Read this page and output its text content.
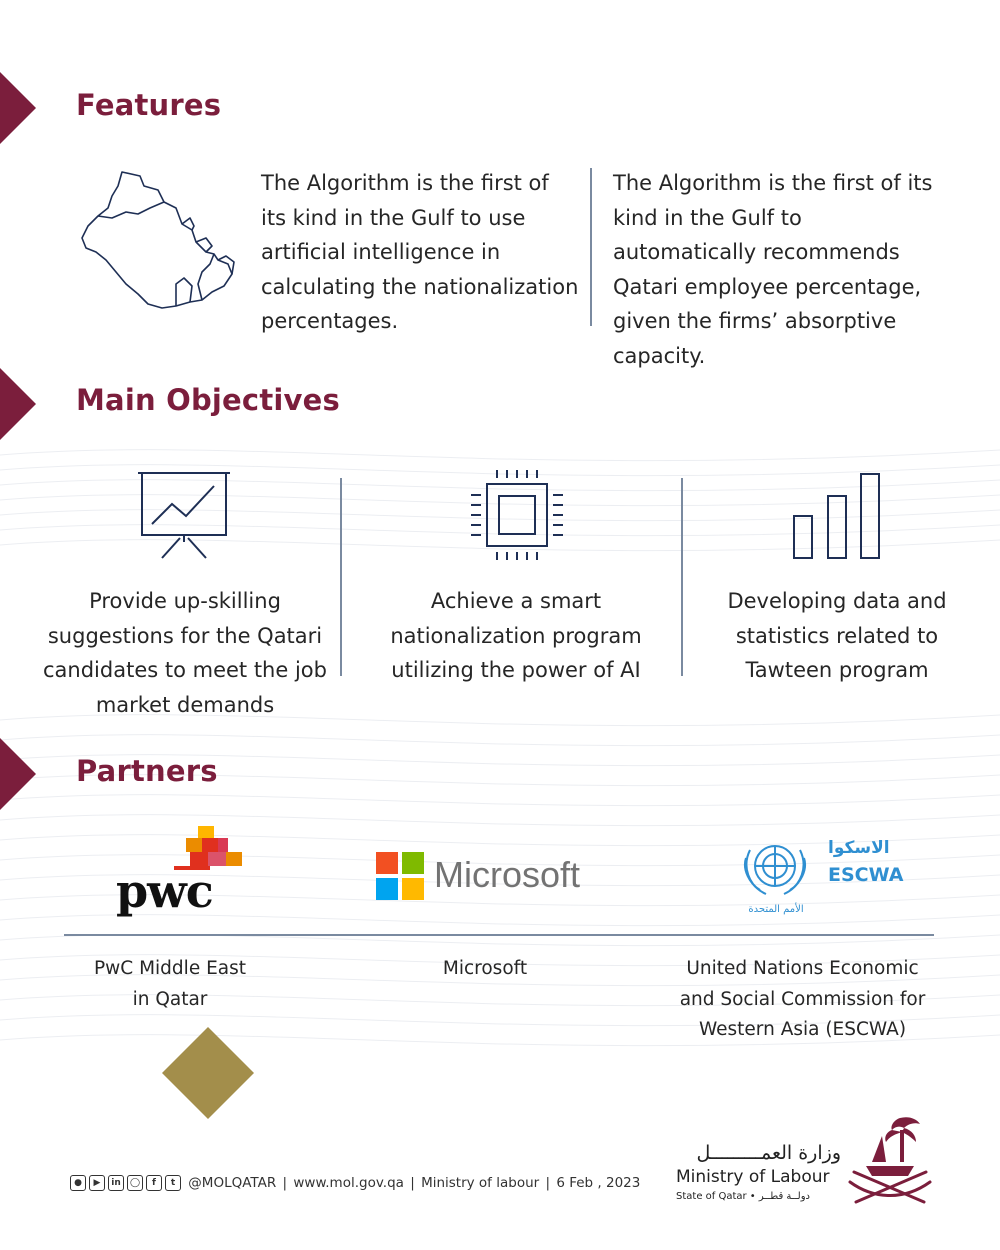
Features
The Algorithm is the first of
its kind in the Gulf to use
artificial intelligence in
calculating the nationalization
percentages.
The Algorithm is the first of its
kind in the Gulf to
automatically recommends
Qatari employee percentage,
given the firms’ absorptive
capacity.
Main Objectives
Provide up-skilling
suggestions for the Qatari
candidates to meet the job
market demands
Achieve a smart
nationalization program
utilizing the power of AI
Developing data and
statistics related to
Tawteen program
Partners
pwc	Microsoft
الاسكوا
ESCWA
الأمم المتحدة
PwC Middle East
in Qatar
Microsoft	United Nations Economic
and Social Commission for
Western Asia (ESCWA)
● ▶ in ◯ f t @MOLQATAR | www.mol.gov.qa | Ministry of labour | 6 Feb , 2023
وزارة العمـــــــــل
Ministry of Labour
State of Qatar • دولــة قطــر
